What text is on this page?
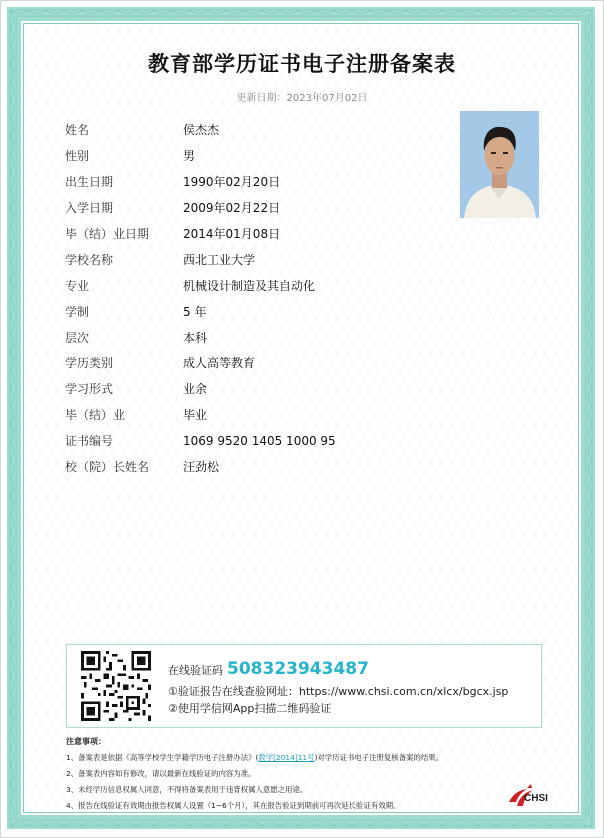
教育部学历证书电子注册备案表
更新日期：2023年07月02日
姓名	侯杰杰
性别	男
出生日期	1990年02月20日
入学日期	2009年02月22日
毕（结）业日期	2014年01月08日
学校名称	西北工业大学
专业	机械设计制造及其自动化
学制	5 年
层次	本科
学历类别	成人高等教育
学习形式	业余
毕（结）业	毕业
证书编号	1069 9520 1405 1000 95
校（院）长姓名	汪劲松
在线验证码 508323943487
①验证报告在线查验网址：https://www.chsi.com.cn/xlcx/bgcx.jsp
②使用学信网App扫描二维码验证
注意事项：
1、备案表是依据《高等学校学生学籍学历电子注册办法》(教学[2014]11号)对学历证书电子注册复核备案的结果。
2、备案表内容如有修改，请以最新在线验证的内容为准。
3、未经学历信息权属人同意，不得将备案表用于违背权属人意愿之用途。
4、报告在线验证有效期由报告权属人设置（1~6个月），其在报告验证到期前可再次延长验证有效期。
CHSI
